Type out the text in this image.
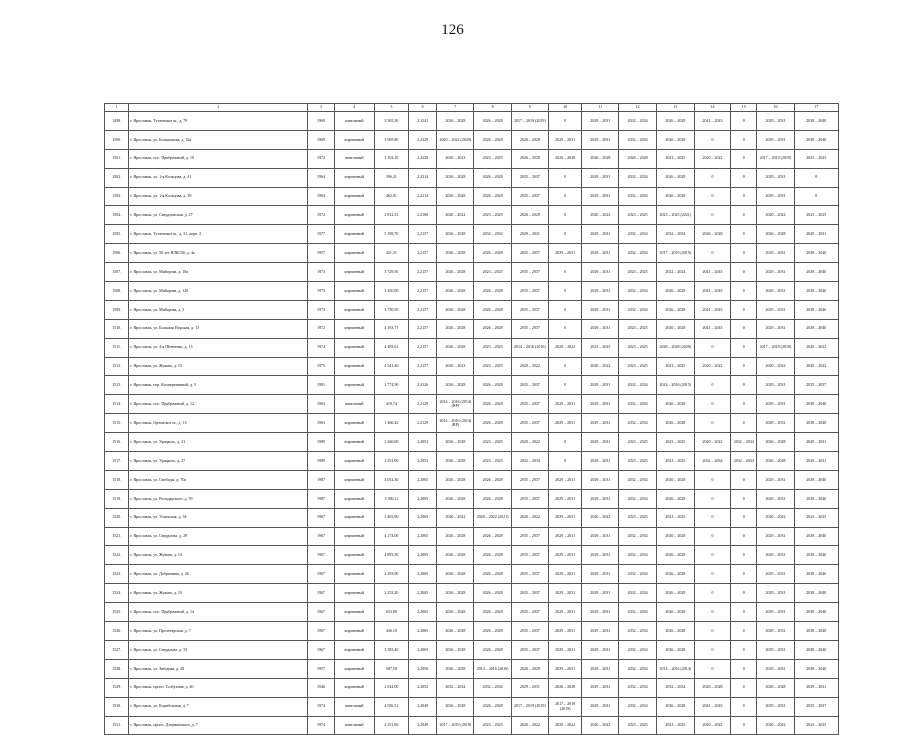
126
1	2	3	4	5	6	7	8	9	10	11	12	13	14	15	16	17
1498.	г. Ярославль, Тутаевское ш., д. 79	1969	панельный	3 565,30	2,1241	2026 – 2028	2026 – 2028	2017 – 2019 (2019)	0	2029 – 2031	2032 – 2034	2026 – 2028	2041 – 2043	0	2029 – 2031	2038 – 2040
1500.	г. Ярославль, ул. Большакова, д. 32а	1969	кирпичный	3 905,80	2,2329	2020 – 2022 (2020)	2026 – 2028	2026 – 2028	2029 – 2031	2029 – 2031	2032 – 2034	2026 – 2028	0	0	2029 – 2031	2038 – 2040
1501.	г. Ярославль, пос. Прибрежный, д. 10	1972	панельный	3 102,10	2,2229	2020 – 2022	2023 – 2025	2026 – 2028	2026 – 2028	2026 – 2028	2026 – 2028	2023 – 2025	2020 – 2022	0	2017 – 2019 (2019)	2023 – 2025
1502.	г. Ярославль, ул. 1-я Кольцова, д. 41	1964	кирпичный	396,31	2,2214	2026 – 2028	2026 – 2028	2035 – 2037	0	2029 – 2031	2032 – 2034	2026 – 2028	0	0	2029 – 2031	0
1503.	г. Ярославль, ул. 1-я Кольцова, д. 39	1964	кирпичный	462,81	2,2214	2026 – 2028	2026 – 2028	2035 – 2037	0	2029 – 2031	2032 – 2034	2026 – 2028	0	0	2029 – 2031	0
1504.	г. Ярославль, ул. Свердловская, д. 27	1972	кирпичный	2 812,31	2,2188	2020 – 2022	2023 – 2025	2026 – 2028	0	2020 – 2022	2023 – 2025	2023 – 2025 (2021)	0	0	2020 – 2022	2023 – 2025
1505.	г. Ярославль, Тутаевское ш., д. 31, корп. 2	1977	кирпичный	5 198,70	2,2157	2026 – 2028	2032 – 2034	2029 – 2031	0	2029 – 2031	2032 – 2034	2032 – 2034	2026 – 2028	0	2026 – 2028	2029 – 2031
1506.	г. Ярославль, ул. 50 лет ВЛКСМ, д. 4а	1957	кирпичный	421,51	2,2157	2026 – 2028	2026 – 2028	2035 – 2037	2029 – 2031	2029 – 2031	2032 – 2034	2017 – 2019 (2019)	0	0	2029 – 2031	2038 – 2040
1507.	г. Ярославль, ул. Майорова, д. 10а	1973	кирпичный	3 729,50	2,2157	2026 – 2028	2023 – 2025	2035 – 2037	0	2029 – 2031	2023 – 2025	2022 – 2024	2041 – 2043	0	2029 – 2031	2038 – 2040
1508.	г. Ярославль, ул. Майорова, д. 12б	1973	кирпичный	3 450,00	2,2157	2026 – 2028	2026 – 2028	2035 – 2037	0	2029 – 2031	2032 – 2034	2026 – 2028	2041 – 2043	0	2029 – 2031	2038 – 2040
1509.	г. Ярославль, ул. Майорова, д. 5	1973	кирпичный	3 730,50	2,2157	2026 – 2028	2026 – 2028	2035 – 2037	0	2029 – 2031	2032 – 2034	2026 – 2028	2041 – 2043	0	2029 – 2031	2038 – 2040
1510.	г. Ярославль, ул. Большая Норская, д. 13	1972	кирпичный	4 163,71	2,2157	2026 – 2028	2026 – 2028	2035 – 2037	0	2029 – 2031	2023 – 2025	2026 – 2028	2041 – 2043	0	2029 – 2031	2038 – 2040
1511.	г. Ярославль, ул. 4-я Шевченко, д. 13	1974	кирпичный	4 483,61	2,2157	2026 – 2028	2023 – 2025	2014 – 2016 (2016)	2020 – 2022	2023 – 2025	2023 – 2025	2026 – 2028 (2020)	0	0	2017 – 2019 (2018)	2020 – 2022
1512.	г. Ярославль, ул. Жукова, д. 15	1975	кирпичный	4 541,40	2,2157	2020 – 2022	2023 – 2025	2020 – 2022	0	2020 – 2022	2023 – 2025	2023 – 2025	2020 – 2022	0	2020 – 2022	2020 – 2022
1513.	г. Ярославль, пер. Кооперативный, д. 5	1981	кирпичный	2 774,90	2,2126	2026 – 2028	2026 – 2028	2035 – 2037	0	2029 – 2031	2032 – 2034	2014 – 2016 (2015)	0	0	2029 – 2031	2035 – 2037
1514.	г. Ярославль, пос. Прибрежный, д. 12	1963	панельный	419,74	2,2129	2014 – 2016 (2014) (ВР)	2026 – 2028	2035 – 2037	2029 – 2031	2029 – 2031	2032 – 2034	2026 – 2028	0	0	2029 – 2031	2038 – 2040
1515.	г. Ярославль, Орловское ш., д. 13	1963	кирпичный	1 460,42	2,2129	2014 – 2016 (2014) (ВР)	2026 – 2028	2035 – 2037	2029 – 2031	2029 – 2031	2032 – 2034	2026 – 2028	0	0	2029 – 2031	2038 – 2040
1516.	г. Ярославль, ул. Урицкого, д. 21	1989	кирпичный	2 260,00	2,2053	2026 – 2028	2023 – 2025	2020 – 2022	0	2029 – 2031	2023 – 2025	2023 – 2025	2020 – 2022	2032 – 2034	2026 – 2028	2029 – 2031
1517.	г. Ярославль, ул. Урицкого, д. 27	1989	кирпичный	2 251,00	2,2053	2026 – 2028	2023 – 2025	2032 – 2034	0	2029 – 2031	2023 – 2025	2023 – 2025	2032 – 2034	2032 – 2034	2026 – 2028	2029 – 2031
1518.	г. Ярославль, ул. Свободы, д. 70а	1987	кирпичный	4 052,30	2,2065	2026 – 2028	2026 – 2028	2035 – 2037	2029 – 2031	2029 – 2031	2032 – 2034	2026 – 2028	0	0	2029 – 2031	2038 – 2040
1519.	г. Ярославль, ул. Володарского, д. 59	1987	кирпичный	3 386,11	2,2065	2026 – 2028	2026 – 2028	2035 – 2037	2029 – 2031	2029 – 2031	2032 – 2034	2026 – 2028	0	0	2029 – 2031	2038 – 2040
1520.	г. Ярославль, ул. Угличская, д. 54	1967	кирпичный	3 403,90	2,2065	2020 – 2022	2020 – 2022 (2021)	2020 – 2022	2029 – 2031	2020 – 2022	2023 – 2025	2023 – 2025	0	0	2020 – 2022	2023 – 2025
1521.	г. Ярославль, ул. Свердлова, д. 29	1967	кирпичный	4 174,00	2,2065	2026 – 2028	2026 – 2028	2035 – 2037	2029 – 2031	2029 – 2031	2032 – 2034	2026 – 2028	0	0	2029 – 2031	2038 – 2040
1522.	г. Ярославль, ул. Жукова, д. 14	1967	кирпичный	4 893,50	2,2065	2026 – 2028	2026 – 2028	2035 – 2037	2029 – 2031	2029 – 2031	2032 – 2034	2026 – 2028	0	0	2029 – 2031	2038 – 2040
1523.	г. Ярославль, ул. Добрынина, д. 26	1967	кирпичный	2 293,90	2,2065	2026 – 2028	2026 – 2028	2035 – 2037	2029 – 2031	2029 – 2031	2032 – 2034	2026 – 2028	0	0	2029 – 2031	2038 – 2040
1524.	г. Ярославль, ул. Жукова, д. 10	1967	кирпичный	2 253,20	2,2065	2026 – 2028	2026 – 2028	2035 – 2037	2029 – 2031	2029 – 2031	2032 – 2034	2026 – 2028	0	0	2029 – 2031	2038 – 2040
1525.	г. Ярославль, пос. Прибрежный, д. 14	1967	кирпичный	633,80	2,2065	2026 – 2028	2026 – 2028	2035 – 2037	2029 – 2031	2029 – 2031	2032 – 2034	2026 – 2028	0	0	2029 – 2031	2038 – 2040
1526.	г. Ярославль, ул. Пролетарская, д. 7	1967	кирпичный	446,10	2,2065	2026 – 2028	2026 – 2028	2035 – 2037	2029 – 2031	2029 – 2031	2032 – 2034	2026 – 2028	0	0	2029 – 2031	2038 – 2040
1527.	г. Ярославль, ул. Свердлова, д. 33	1967	кирпичный	3 383,40	2,2065	2026 – 2028	2026 – 2028	2035 – 2037	2029 – 2031	2029 – 2031	2032 – 2034	2026 – 2028	0	0	2029 – 2031	2038 – 2040
1528.	г. Ярославль, ул. Звёздная, д. 28	1957	кирпичный	587,50	2,2056	2026 – 2028	2014 – 2016 (2016)	2026 – 2028	2029 – 2031	2029 – 2031	2032 – 2034	2014 – 2016 (2014)	0	0	2029 – 2031	2038 – 2040
1529.	г. Ярославль, просп. Толбухина, д. 40	1946	кирпичный	2 634,00	2,2052	2032 – 2034	2032 – 2034	2029 – 2031	2026 – 2028	2029 – 2031	2032 – 2034	2032 – 2034	2026 – 2028	0	2026 – 2028	2029 – 2031
1530.	г. Ярославль, ул. Корабельная, д. 7	1974	панельный	4 056,51	2,2049	2026 – 2028	2026 – 2028	2017 – 2019 (2019)	2017 – 2019 (2019)	2029 – 2031	2032 – 2034	2026 – 2028	2041 – 2043	0	2029 – 2031	2035 – 2037
1531.	г. Ярославль, просп. Дзержинского, д. 7	1974	панельный	4 251,60	2,2049	2017 – 2019 (2019)	2023 – 2025	2020 – 2022	2020 – 2022	2020 – 2022	2023 – 2025	2023 – 2025	2020 – 2022	0	2020 – 2022	2023 – 2025
